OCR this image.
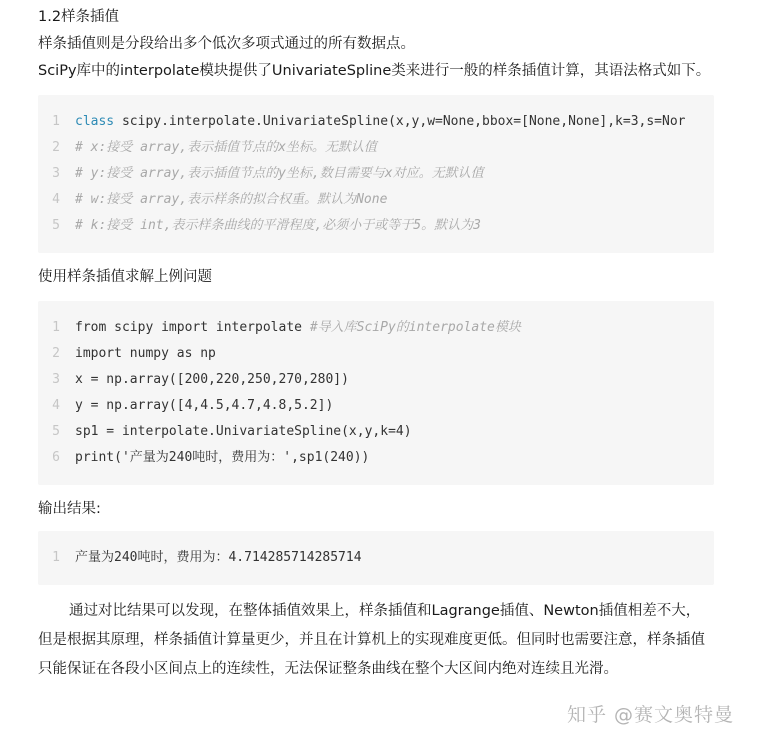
1.2样条插值

样条插值则是分段给出多个低次多项式通过的所有数据点。

SciPy库中的interpolate模块提供了UnivariateSpline类来进行一般的样条插值计算，其语法格式如下。

1	class scipy.interpolate.UnivariateSpline(x,y,w=None,bbox=[None,None],k=3,s=Nor
2	# x:接受 array,表示插值节点的x坐标。无默认值
3	# y:接受 array,表示插值节点的y坐标,数目需要与x对应。无默认值
4	# w:接受 array,表示样条的拟合权重。默认为None
5	# k:接受 int,表示样条曲线的平滑程度,必须小于或等于5。默认为3

使用样条插值求解上例问题

1	from scipy import interpolate #导入库SciPy的interpolate模块
2	import numpy as np
3	x = np.array([200,220,250,270,280])
4	y = np.array([4,4.5,4.7,4.8,5.2])
5	sp1 = interpolate.UnivariateSpline(x,y,k=4)
6	print('产量为240吨时，费用为：',sp1(240))

输出结果:

1	产量为240吨时，费用为：4.714285714285714

通过对比结果可以发现，在整体插值效果上，样条插值和Lagrange插值、Newton插值相差不大，但是根据其原理，样条插值计算量更少，并且在计算机上的实现难度更低。但同时也需要注意，样条插值只能保证在各段小区间点上的连续性，无法保证整条曲线在整个大区间内绝对连续且光滑。

知乎 @赛文奥特曼
